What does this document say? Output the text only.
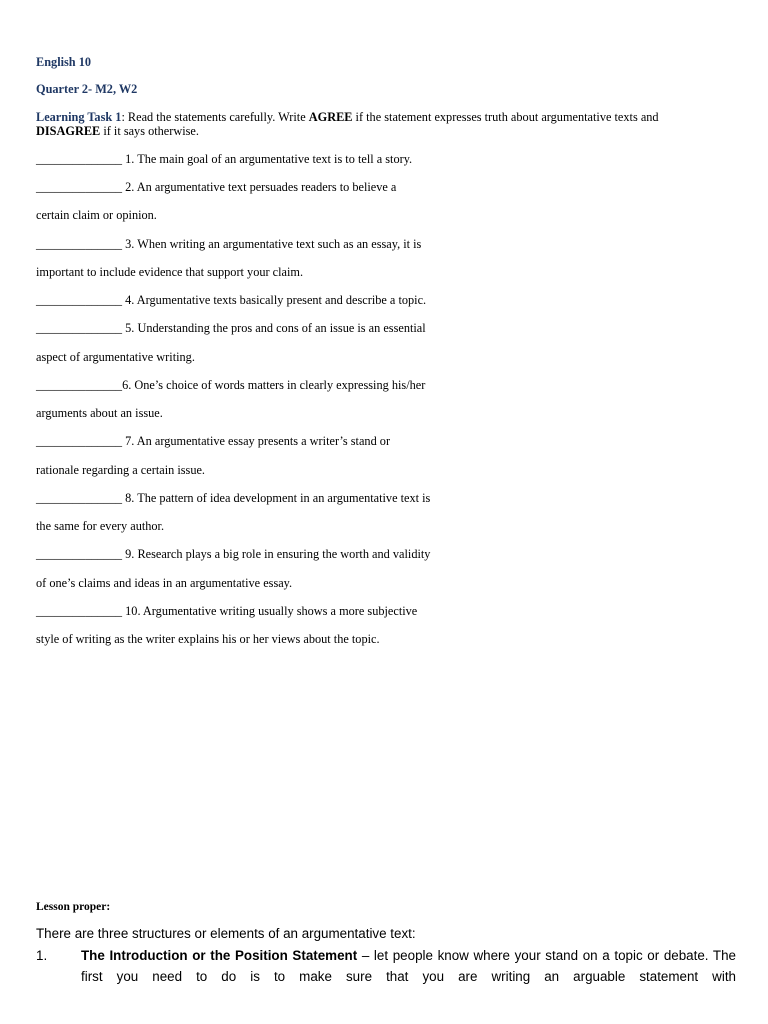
English 10
Quarter 2- M2, W2
Learning Task 1: Read the statements carefully. Write AGREE if the statement expresses truth about argumentative texts and DISAGREE if it says otherwise.
______________ 1. The main goal of an argumentative text is to tell a story.
______________ 2. An argumentative text persuades readers to believe a
certain claim or opinion.
______________ 3. When writing an argumentative text such as an essay, it is
important to include evidence that support your claim.
______________ 4. Argumentative texts basically present and describe a topic.
______________ 5. Understanding the pros and cons of an issue is an essential
aspect of argumentative writing.
______________6. One’s choice of words matters in clearly expressing his/her
arguments about an issue.
______________ 7. An argumentative essay presents a writer’s stand or
rationale regarding a certain issue.
______________ 8. The pattern of idea development in an argumentative text is
the same for every author.
______________ 9. Research plays a big role in ensuring the worth and validity
of one’s claims and ideas in an argumentative essay.
______________ 10. Argumentative writing usually shows a more subjective
style of writing as the writer explains his or her views about the topic.
Lesson proper:
There are three structures or elements of an argumentative text:
1.	The Introduction or the Position Statement – let people know where your stand on a topic or debate. The first you need to do is to make sure that you are writing an arguable statement with
